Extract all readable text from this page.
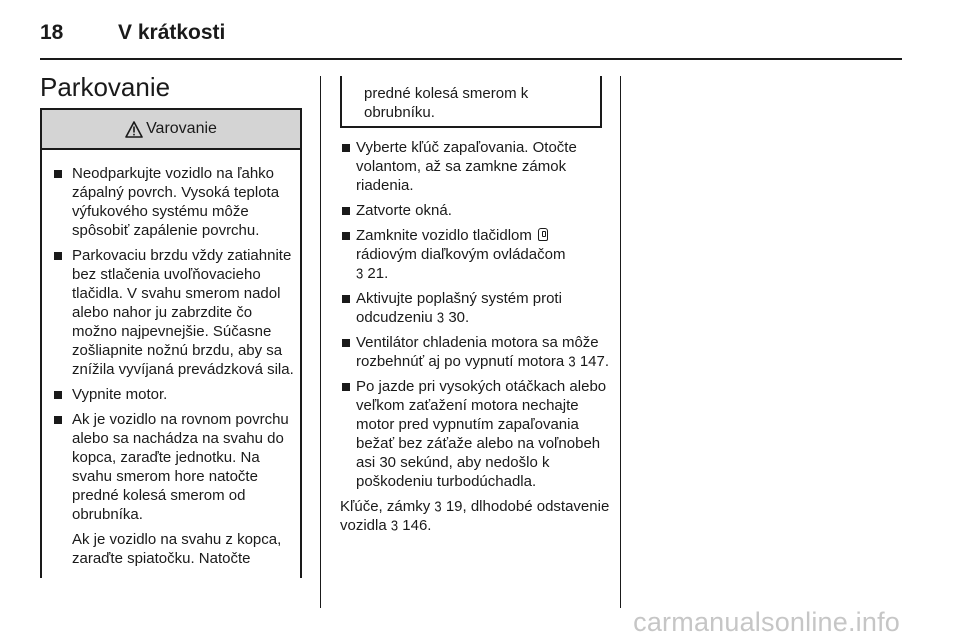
18	V krátkosti
Parkovanie
Varovanie
Neodparkujte vozidlo na ľahko zápalný povrch. Vysoká teplota výfukového systému môže spôsobiť zapálenie povrchu.
Parkovaciu brzdu vždy zatiahnite bez stlačenia uvoľňovacieho tlačidla. V svahu smerom nadol alebo nahor ju zabrzdite čo možno najpevnejšie. Súčasne zošliapnite nožnú brzdu, aby sa znížila vyvíjaná prevádzková sila.
Vypnite motor.
Ak je vozidlo na rovnom povrchu alebo sa nachádza na svahu do kopca, zaraďte jednotku. Na svahu smerom hore natočte predné kolesá smerom od obrubníka.

Ak je vozidlo na svahu z kopca, zaraďte spiatočku. Natočte

predné kolesá smerom k obrubníku.
Vyberte kľúč zapaľovania. Otočte volantom, až sa zamkne zámok riadenia.
Zatvorte okná.
Zamknite vozidlo tlačidlom
rádiovým diaľkovým ovládačom
3 21.
Aktivujte poplašný systém proti odcudzeniu 3 30.
Ventilátor chladenia motora sa môže rozbehnúť aj po vypnutí motora 3 147.
Po jazde pri vysokých otáčkach alebo veľkom zaťažení motora nechajte motor pred vypnutím zapaľovania bežať bez záťaže alebo na voľnobeh asi 30 sekúnd, aby nedošlo k poškodeniu turbodúchadla.

Kľúče, zámky 3 19, dlhodobé odstavenie vozidla 3 146.

carmanualsonline.info
